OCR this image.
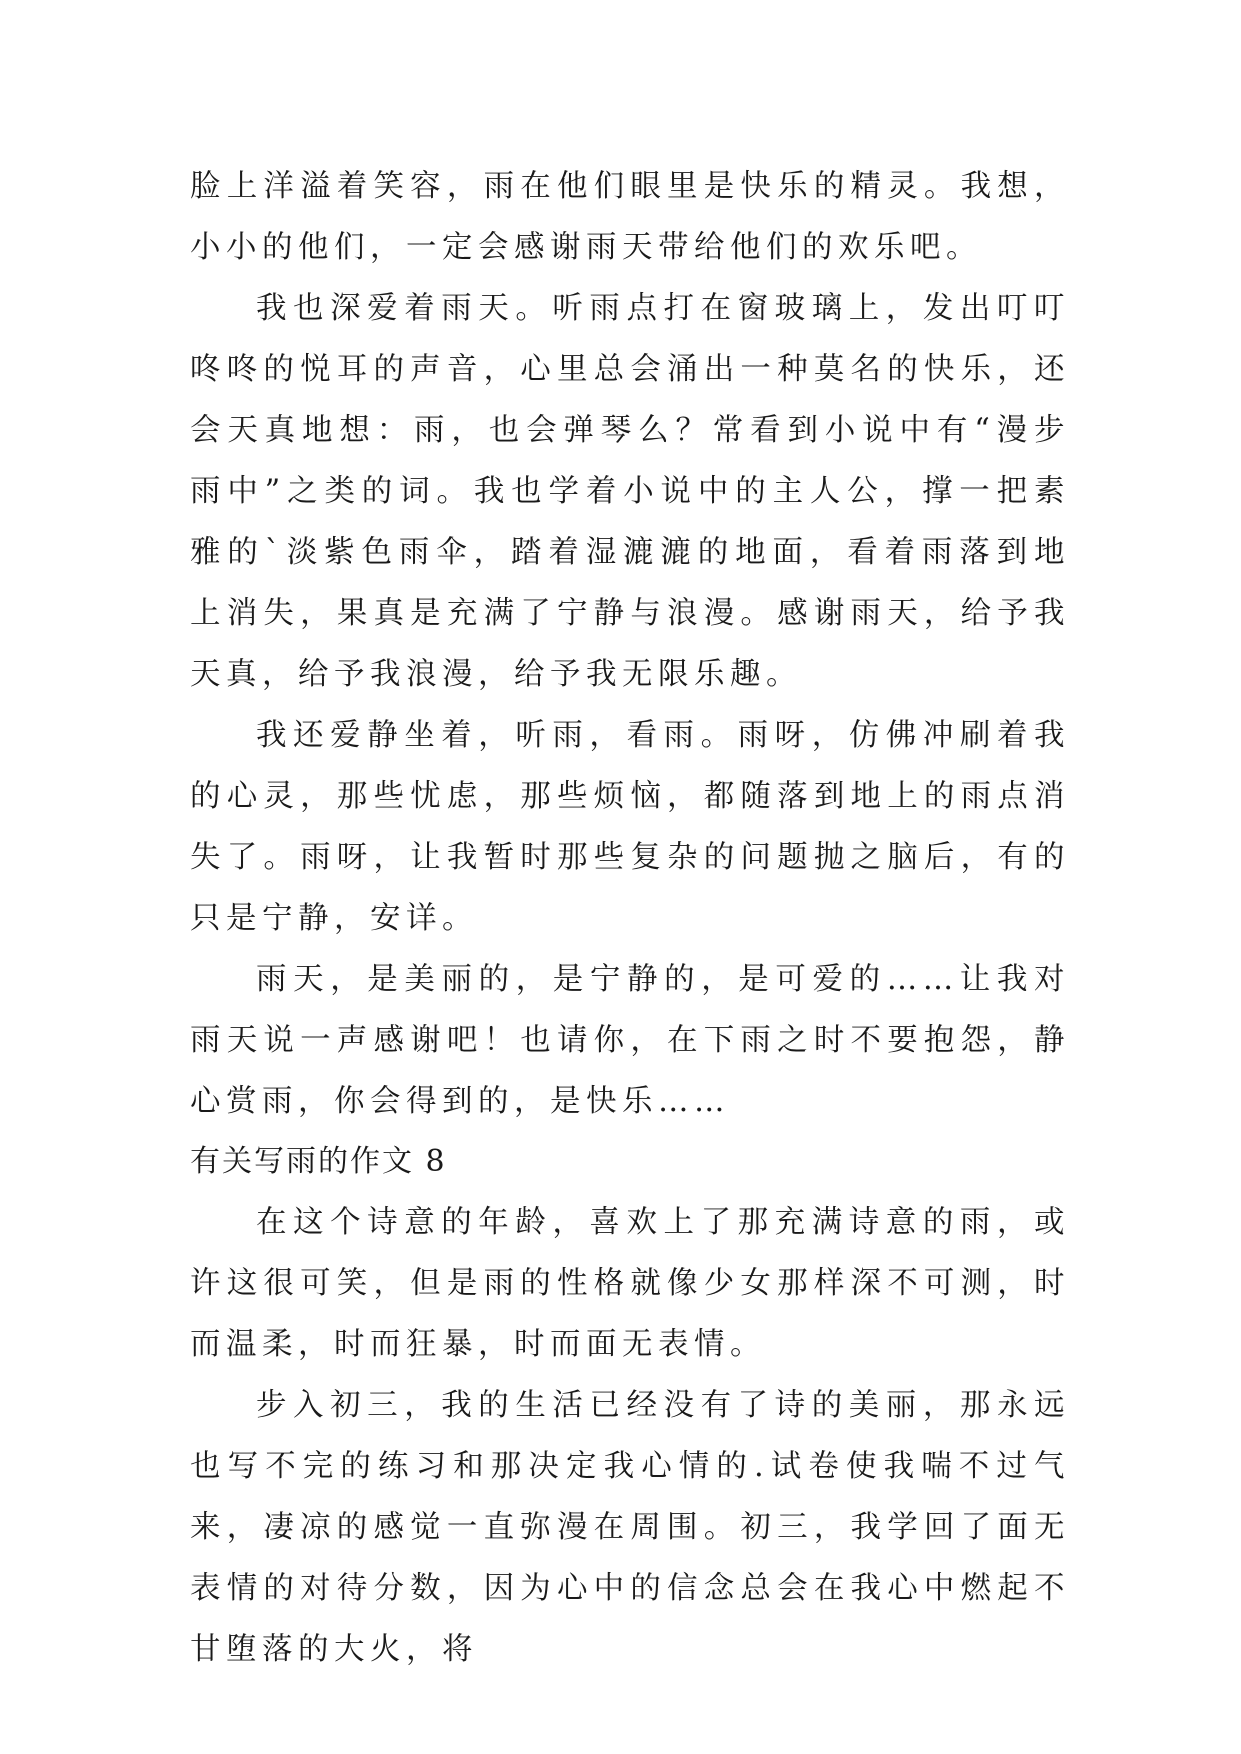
脸上洋溢着笑容，雨在他们眼里是快乐的精灵。我想，小小的他们，一定会感谢雨天带给他们的欢乐吧。

我也深爱着雨天。听雨点打在窗玻璃上，发出叮叮咚咚的悦耳的声音，心里总会涌出一种莫名的快乐，还会天真地想：雨，也会弹琴么？常看到小说中有“漫步雨中”之类的词。我也学着小说中的主人公，撑一把素雅的`淡紫色雨伞，踏着湿漉漉的地面，看着雨落到地上消失，果真是充满了宁静与浪漫。感谢雨天，给予我天真，给予我浪漫，给予我无限乐趣。

我还爱静坐着，听雨，看雨。雨呀，仿佛冲刷着我的心灵，那些忧虑，那些烦恼，都随落到地上的雨点消失了。雨呀，让我暂时那些复杂的问题抛之脑后，有的只是宁静，安详。

雨天，是美丽的，是宁静的，是可爱的……让我对雨天说一声感谢吧！也请你，在下雨之时不要抱怨，静心赏雨，你会得到的，是快乐……

有关写雨的作文 8

在这个诗意的年龄，喜欢上了那充满诗意的雨，或许这很可笑，但是雨的性格就像少女那样深不可测，时而温柔，时而狂暴，时而面无表情。

步入初三，我的生活已经没有了诗的美丽，那永远也写不完的练习和那决定我心情的.试卷使我喘不过气来，凄凉的感觉一直弥漫在周围。初三，我学回了面无表情的对待分数，因为心中的信念总会在我心中燃起不甘堕落的大火，将
